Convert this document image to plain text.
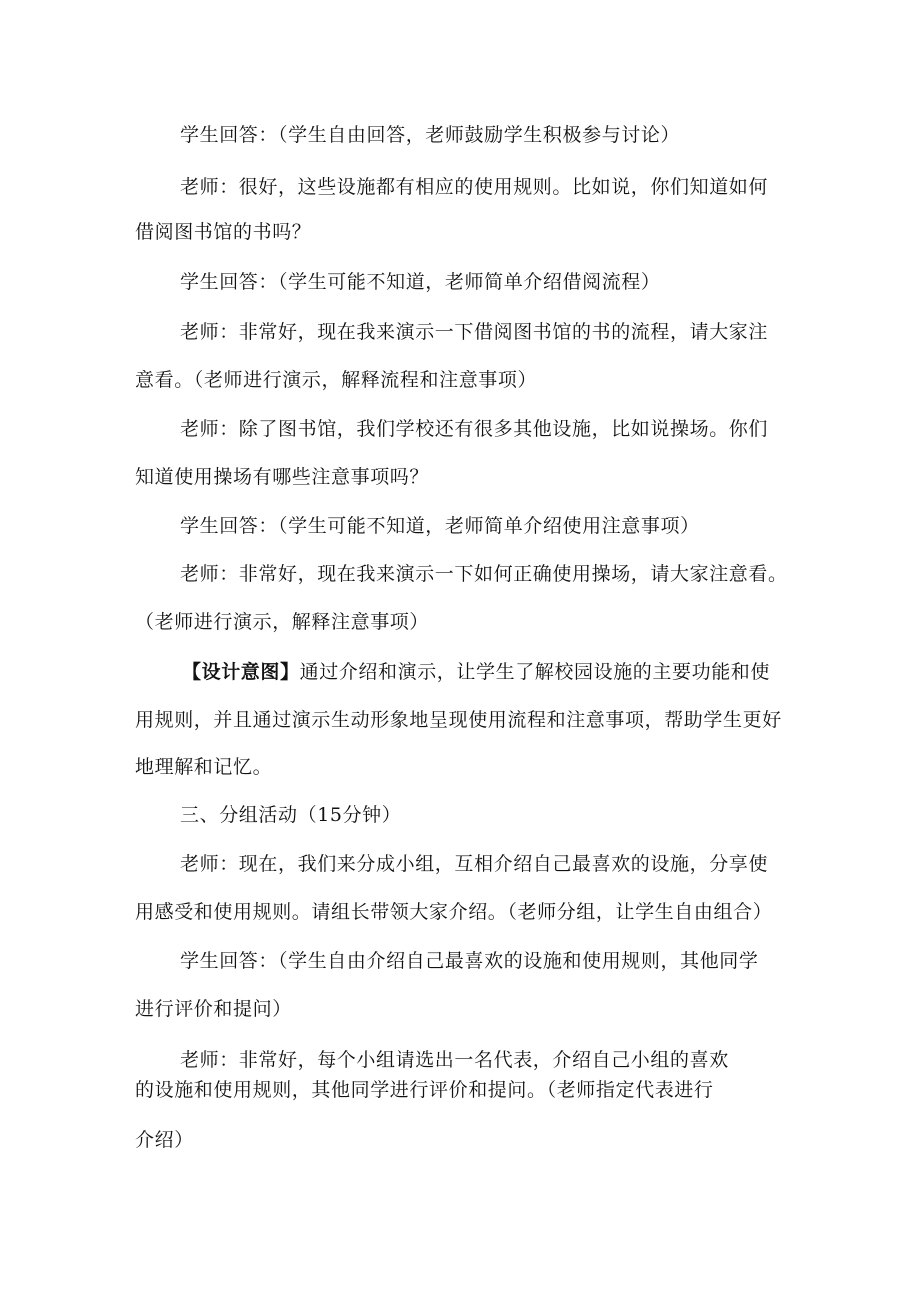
学生回答：（学生自由回答，老师鼓励学生积极参与讨论）
老师：很好，这些设施都有相应的使用规则。比如说，你们知道如何
借阅图书馆的书吗？
学生回答：（学生可能不知道，老师简单介绍借阅流程）
老师：非常好，现在我来演示一下借阅图书馆的书的流程，请大家注
意看。（老师进行演示，解释流程和注意事项）
老师：除了图书馆，我们学校还有很多其他设施，比如说操场。你们
知道使用操场有哪些注意事项吗？
学生回答：（学生可能不知道，老师简单介绍使用注意事项）
老师：非常好，现在我来演示一下如何正确使用操场，请大家注意看。
（老师进行演示，解释注意事项）
【设计意图】通过介绍和演示，让学生了解校园设施的主要功能和使
用规则，并且通过演示生动形象地呈现使用流程和注意事项，帮助学生更好
地理解和记忆。
三、分组活动（15分钟）
老师：现在，我们来分成小组，互相介绍自己最喜欢的设施，分享使
用感受和使用规则。请组长带领大家介绍。（老师分组，让学生自由组合）
学生回答：（学生自由介绍自己最喜欢的设施和使用规则，其他同学
进行评价和提问）
老师：非常好，每个小组请选出一名代表，介绍自己小组的喜欢
的设施和使用规则，其他同学进行评价和提问。（老师指定代表进行
介绍）
